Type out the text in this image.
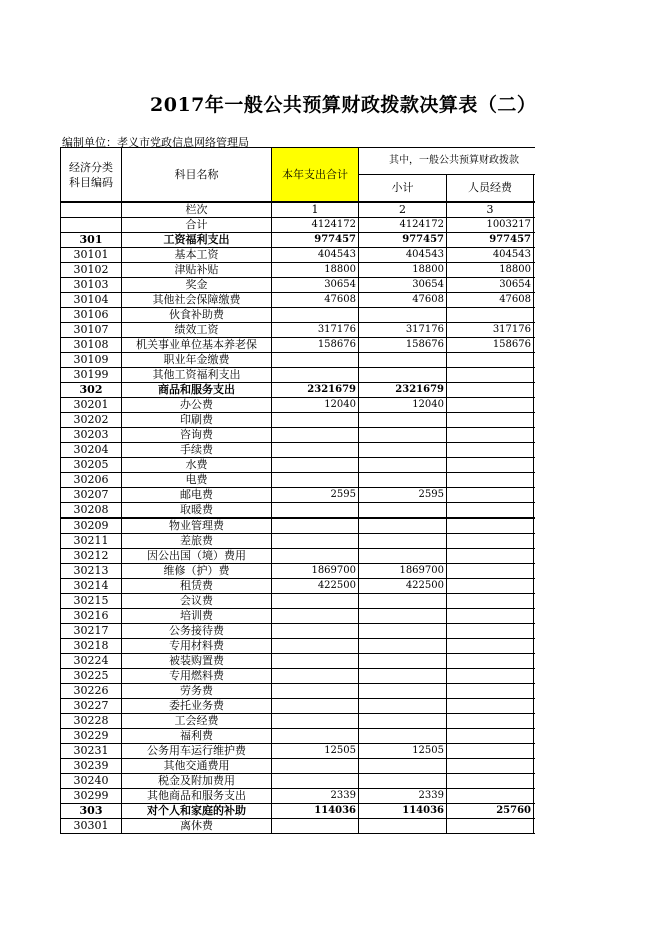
2017年一般公共预算财政拨款决算表（二）
编制单位：孝义市党政信息网络管理局
经济分类
科目编码	科目名称	本年支出合计	其中，一般公共预算财政拨款		
			小计	人员经费	
	栏次	1	2	3	
	合计	4124172	4124172	1003217	
301	工资福利支出	977457	977457	977457	
30101	基本工资	404543	404543	404543	
30102	津贴补贴	18800	18800	18800	
30103	奖金	30654	30654	30654	
30104	其他社会保障缴费	47608	47608	47608	
30106	伙食补助费				
30107	绩效工资	317176	317176	317176	
30108	机关事业单位基本养老保	158676	158676	158676	
30109	职业年金缴费				
30199	其他工资福利支出				
302	商品和服务支出	2321679	2321679		
30201	办公费	12040	12040		
30202	印刷费				
30203	咨询费				
30204	手续费				
30205	水费				
30206	电费				
30207	邮电费	2595	2595		
30208	取暖费				
30209	物业管理费				
30211	差旅费				
30212	因公出国（境）费用				
30213	维修（护）费	1869700	1869700		
30214	租赁费	422500	422500		
30215	会议费				
30216	培训费				
30217	公务接待费				
30218	专用材料费				
30224	被装购置费				
30225	专用燃料费				
30226	劳务费				
30227	委托业务费				
30228	工会经费				
30229	福利费				
30231	公务用车运行维护费	12505	12505		
30239	其他交通费用				
30240	税金及附加费用				
30299	其他商品和服务支出	2339	2339		
303	对个人和家庭的补助	114036	114036	25760	
30301	离休费				
